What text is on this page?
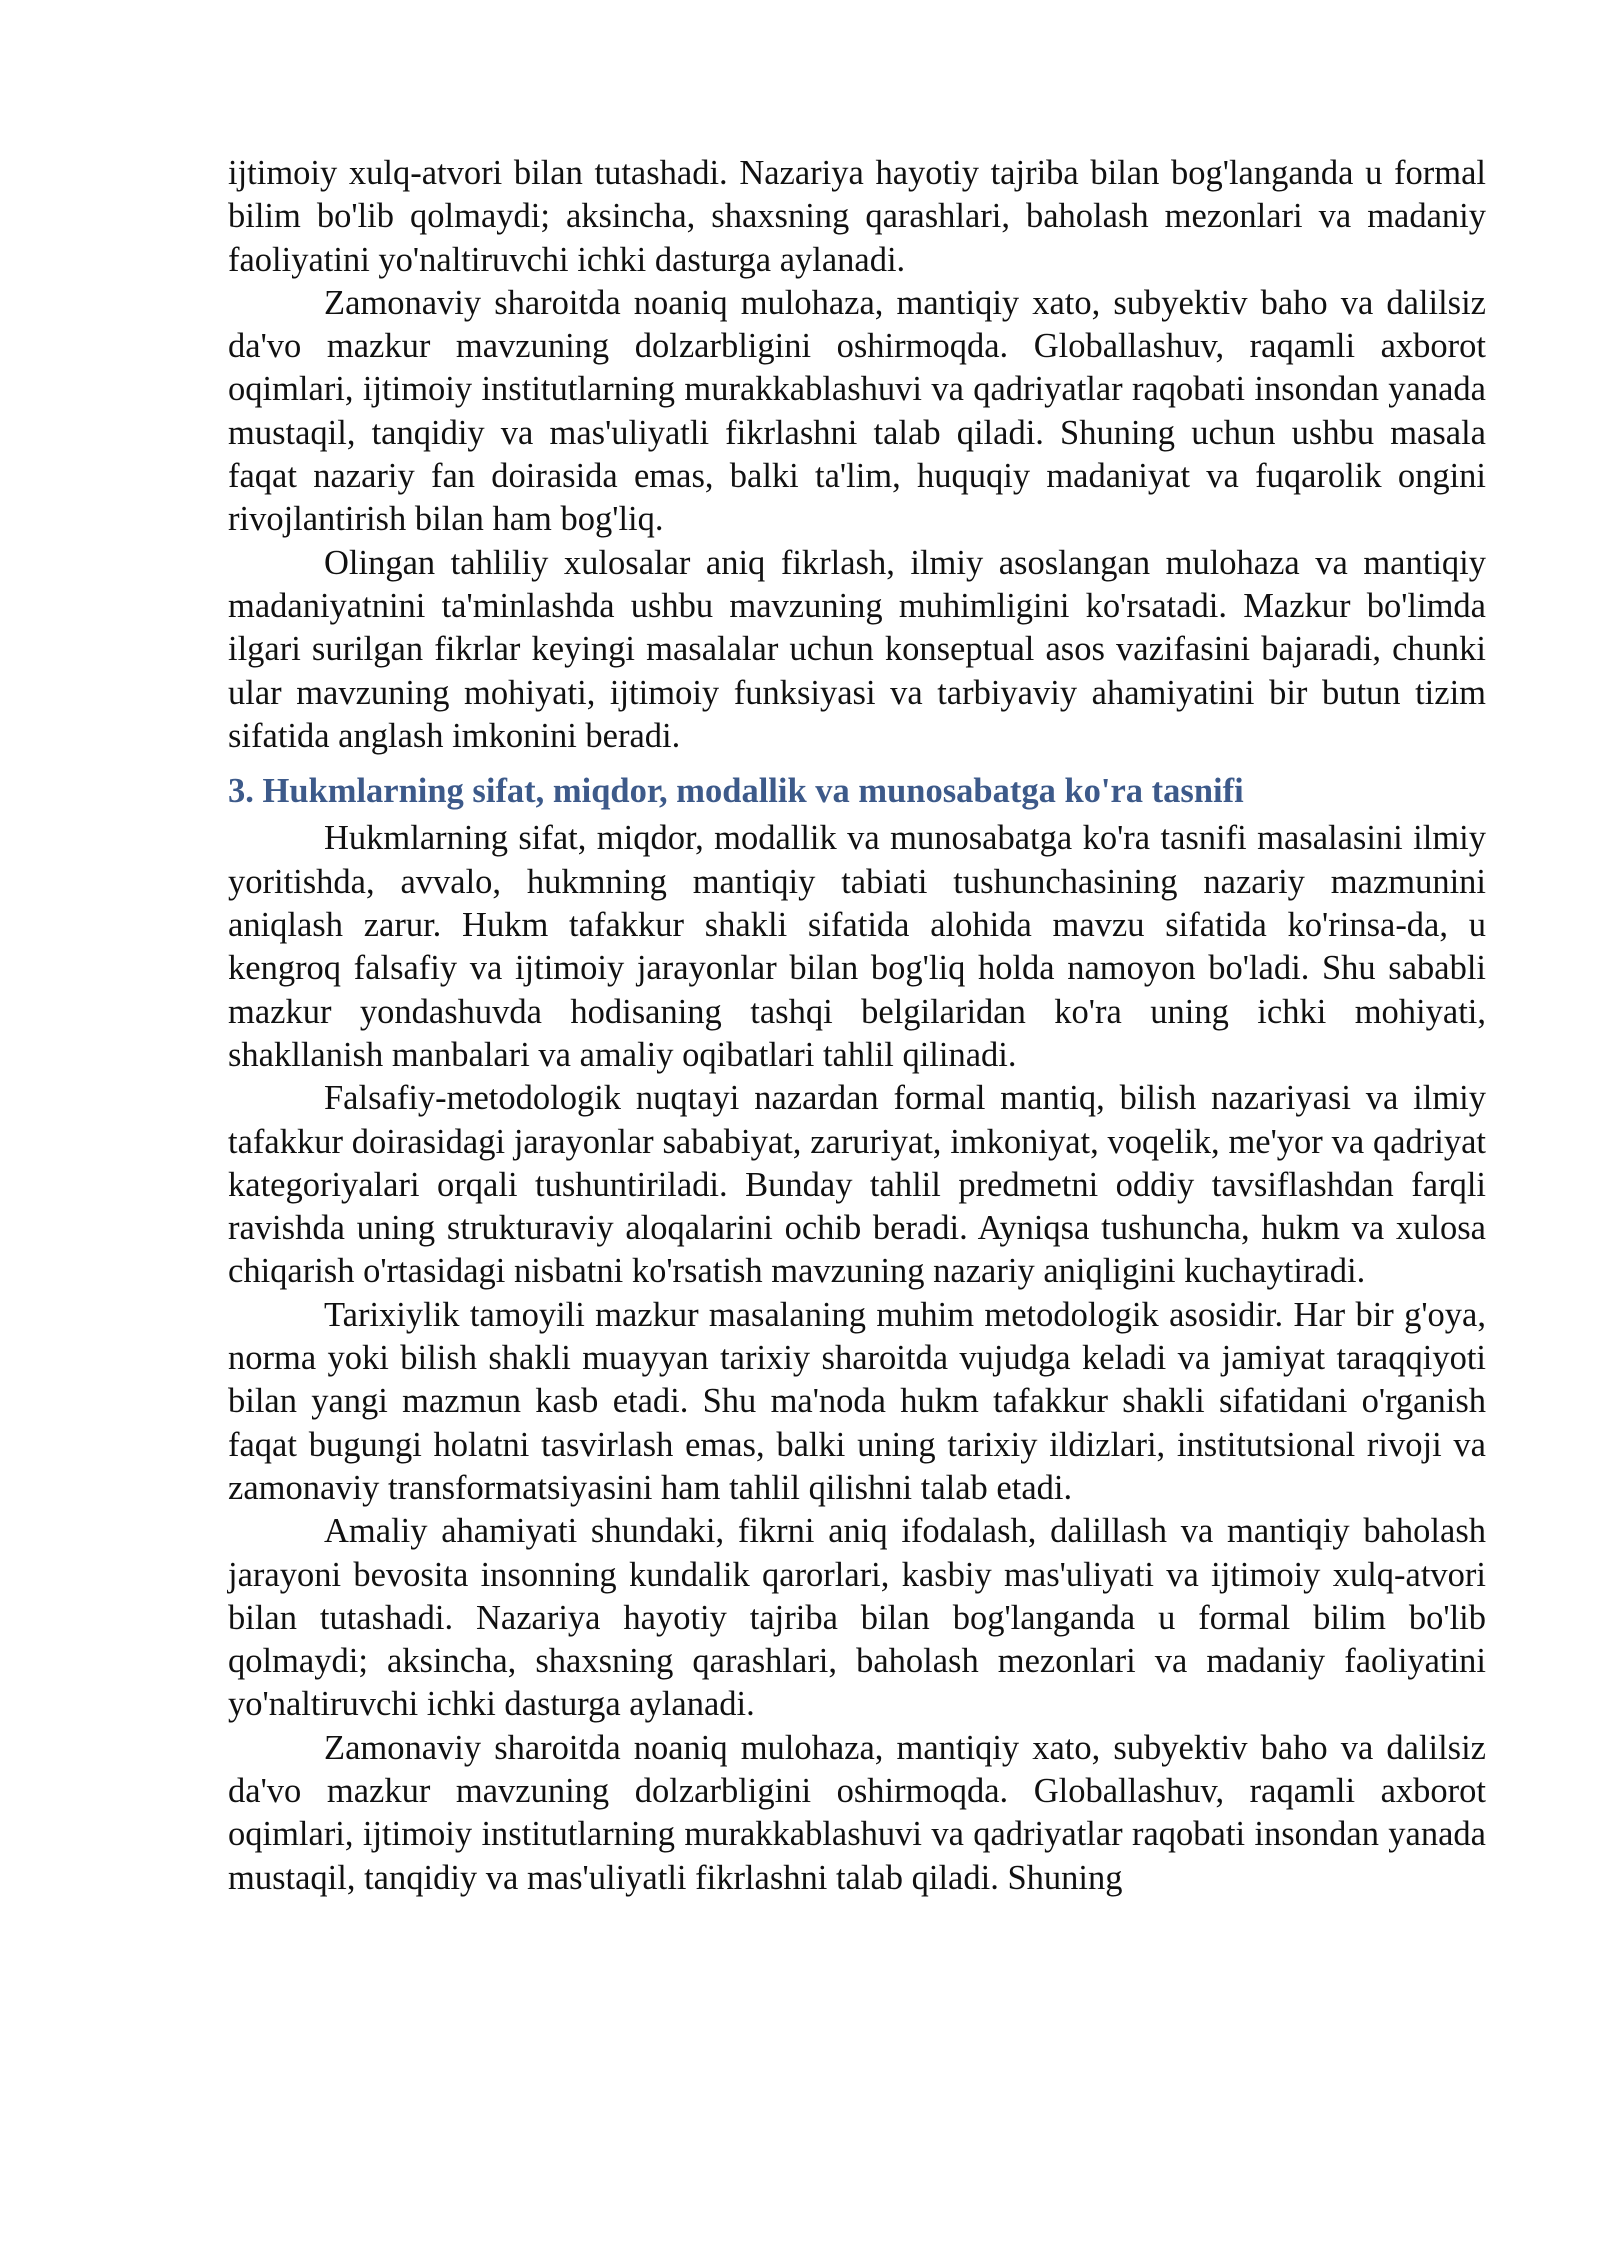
ijtimoiy xulq-atvori bilan tutashadi. Nazariya hayotiy tajriba bilan bog'langanda u formal bilim bo'lib qolmaydi; aksincha, shaxsning qarashlari, baholash mezonlari va madaniy faoliyatini yo'naltiruvchi ichki dasturga aylanadi.

Zamonaviy sharoitda noaniq mulohaza, mantiqiy xato, subyektiv baho va dalilsiz da'vo mazkur mavzuning dolzarbligini oshirmoqda. Globallashuv, raqamli axborot oqimlari, ijtimoiy institutlarning murakkablashuvi va qadriyatlar raqobati insondan yanada mustaqil, tanqidiy va mas'uliyatli fikrlashni talab qiladi. Shuning uchun ushbu masala faqat nazariy fan doirasida emas, balki ta'lim, huquqiy madaniyat va fuqarolik ongini rivojlantirish bilan ham bog'liq.

Olingan tahliliy xulosalar aniq fikrlash, ilmiy asoslangan mulohaza va mantiqiy madaniyatnini ta'minlashda ushbu mavzuning muhimligini ko'rsatadi. Mazkur bo'limda ilgari surilgan fikrlar keyingi masalalar uchun konseptual asos vazifasini bajaradi, chunki ular mavzuning mohiyati, ijtimoiy funksiyasi va tarbiyaviy ahamiyatini bir butun tizim sifatida anglash imkonini beradi.

3. Hukmlarning sifat, miqdor, modallik va munosabatga ko'ra tasnifi

Hukmlarning sifat, miqdor, modallik va munosabatga ko'ra tasnifi masalasini ilmiy yoritishda, avvalo, hukmning mantiqiy tabiati tushunchasining nazariy mazmunini aniqlash zarur. Hukm tafakkur shakli sifatida alohida mavzu sifatida ko'rinsa-da, u kengroq falsafiy va ijtimoiy jarayonlar bilan bog'liq holda namoyon bo'ladi. Shu sababli mazkur yondashuvda hodisaning tashqi belgilaridan ko'ra uning ichki mohiyati, shakllanish manbalari va amaliy oqibatlari tahlil qilinadi.

Falsafiy-metodologik nuqtayi nazardan formal mantiq, bilish nazariyasi va ilmiy tafakkur doirasidagi jarayonlar sababiyat, zaruriyat, imkoniyat, voqelik, me'yor va qadriyat kategoriyalari orqali tushuntiriladi. Bunday tahlil predmetni oddiy tavsiflashdan farqli ravishda uning strukturaviy aloqalarini ochib beradi. Ayniqsa tushuncha, hukm va xulosa chiqarish o'rtasidagi nisbatni ko'rsatish mavzuning nazariy aniqligini kuchaytiradi.

Tarixiylik tamoyili mazkur masalaning muhim metodologik asosidir. Har bir g'oya, norma yoki bilish shakli muayyan tarixiy sharoitda vujudga keladi va jamiyat taraqqiyoti bilan yangi mazmun kasb etadi. Shu ma'noda hukm tafakkur shakli sifatidani o'rganish faqat bugungi holatni tasvirlash emas, balki uning tarixiy ildizlari, institutsional rivoji va zamonaviy transformatsiyasini ham tahlil qilishni talab etadi.

Amaliy ahamiyati shundaki, fikrni aniq ifodalash, dalillash va mantiqiy baholash jarayoni bevosita insonning kundalik qarorlari, kasbiy mas'uliyati va ijtimoiy xulq-atvori bilan tutashadi. Nazariya hayotiy tajriba bilan bog'langanda u formal bilim bo'lib qolmaydi; aksincha, shaxsning qarashlari, baholash mezonlari va madaniy faoliyatini yo'naltiruvchi ichki dasturga aylanadi.

Zamonaviy sharoitda noaniq mulohaza, mantiqiy xato, subyektiv baho va dalilsiz da'vo mazkur mavzuning dolzarbligini oshirmoqda. Globallashuv, raqamli axborot oqimlari, ijtimoiy institutlarning murakkablashuvi va qadriyatlar raqobati insondan yanada mustaqil, tanqidiy va mas'uliyatli fikrlashni talab qiladi. Shuning
